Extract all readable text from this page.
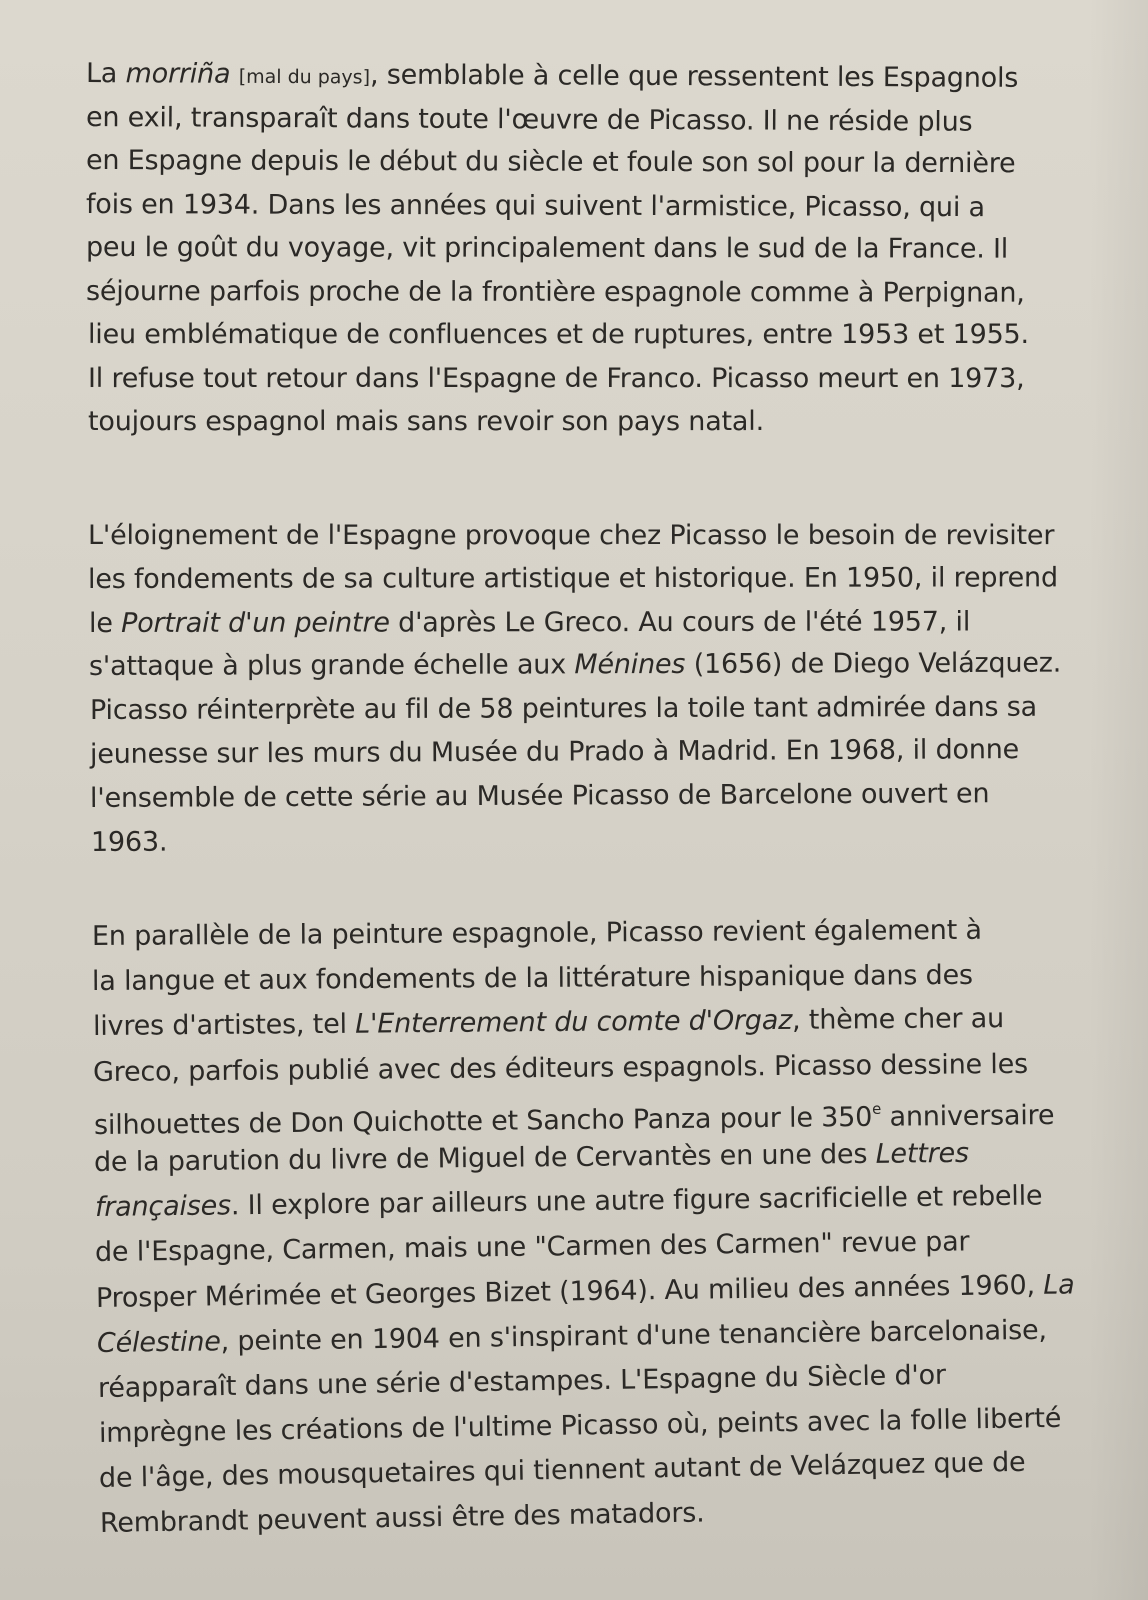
La morriña [mal du pays], semblable à celle que ressentent les Espagnols
en exil, transparaît dans toute l'œuvre de Picasso. Il ne réside plus
en Espagne depuis le début du siècle et foule son sol pour la dernière
fois en 1934. Dans les années qui suivent l'armistice, Picasso, qui a
peu le goût du voyage, vit principalement dans le sud de la France. Il
séjourne parfois proche de la frontière espagnole comme à Perpignan,
lieu emblématique de confluences et de ruptures, entre 1953 et 1955.
Il refuse tout retour dans l'Espagne de Franco. Picasso meurt en 1973,
toujours espagnol mais sans revoir son pays natal.
L'éloignement de l'Espagne provoque chez Picasso le besoin de revisiter
les fondements de sa culture artistique et historique. En 1950, il reprend
le Portrait d'un peintre d'après Le Greco. Au cours de l'été 1957, il
s'attaque à plus grande échelle aux Ménines (1656) de Diego Velázquez.
Picasso réinterprète au fil de 58 peintures la toile tant admirée dans sa
jeunesse sur les murs du Musée du Prado à Madrid. En 1968, il donne
l'ensemble de cette série au Musée Picasso de Barcelone ouvert en
1963.
En parallèle de la peinture espagnole, Picasso revient également à
la langue et aux fondements de la littérature hispanique dans des
livres d'artistes, tel L'Enterrement du comte d'Orgaz, thème cher au
Greco, parfois publié avec des éditeurs espagnols. Picasso dessine les
silhouettes de Don Quichotte et Sancho Panza pour le 350e anniversaire
de la parution du livre de Miguel de Cervantès en une des Lettres
françaises. Il explore par ailleurs une autre figure sacrificielle et rebelle
de l'Espagne, Carmen, mais une "Carmen des Carmen" revue par
Prosper Mérimée et Georges Bizet (1964). Au milieu des années 1960, La
Célestine, peinte en 1904 en s'inspirant d'une tenancière barcelonaise,
réapparaît dans une série d'estampes. L'Espagne du Siècle d'or
imprègne les créations de l'ultime Picasso où, peints avec la folle liberté
de l'âge, des mousquetaires qui tiennent autant de Velázquez que de
Rembrandt peuvent aussi être des matadors.
